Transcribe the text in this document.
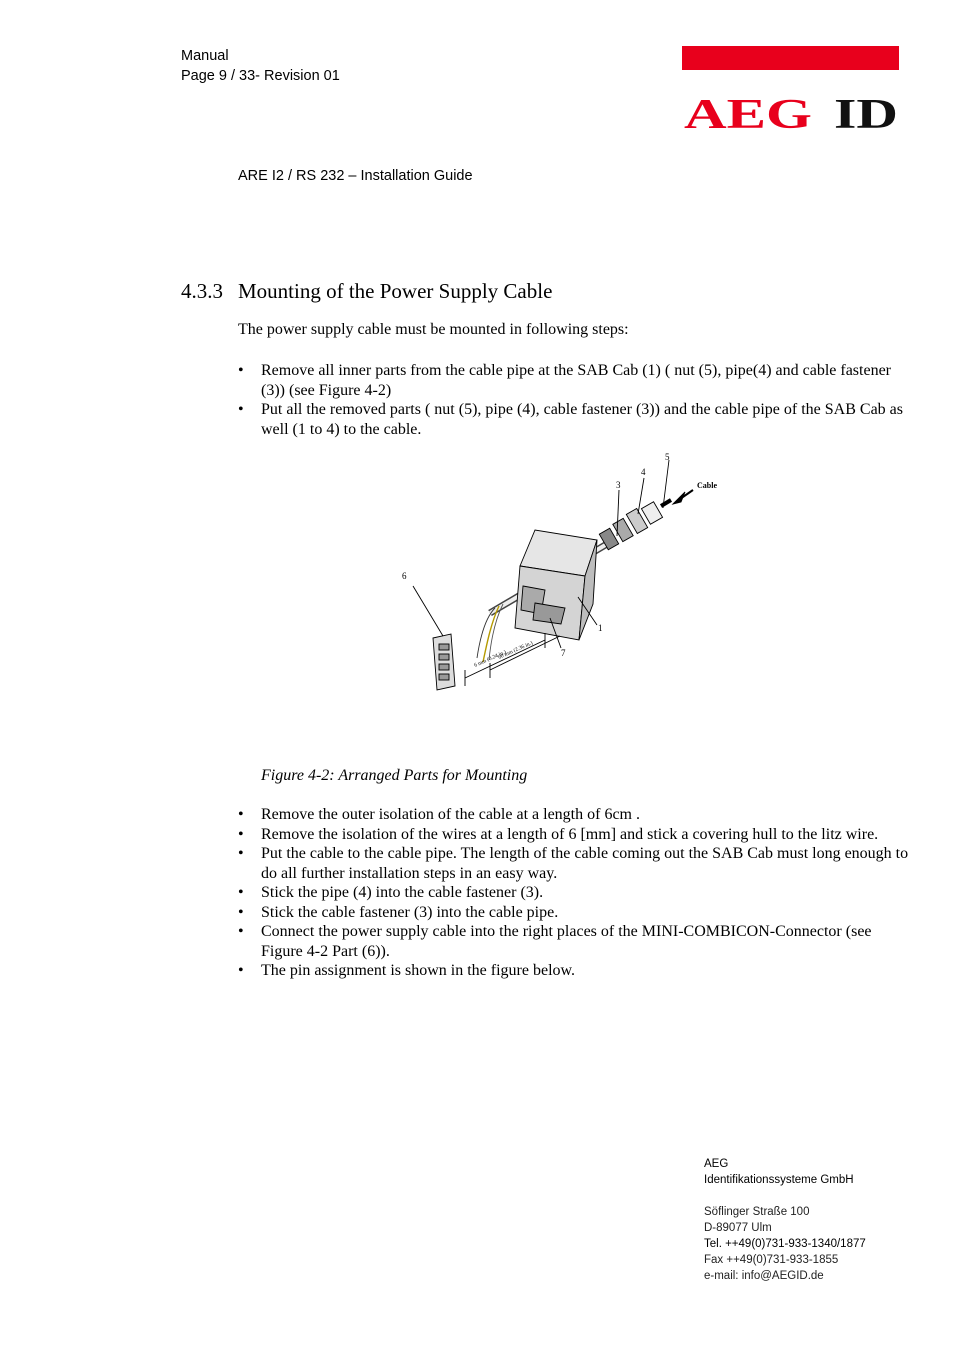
Manual
Page 9 / 33- Revision 01
AEG ID
ARE I2 / RS 232 – Installation Guide
4.3.3 Mounting of the Power Supply Cable
The power supply cable must be mounted in following steps:
• Remove all inner parts from the cable pipe at the SAB Cab (1) ( nut (5), pipe(4) and cable fastener (3)) (see Figure 4-2)
• Put all the removed parts ( nut (5), pipe (4), cable fastener (3)) and the cable pipe of the SAB Cab as well (1 to 4) to the cable.
1
3
4
5
6
7
Cable
6 mm (0.24 in.)
60 mm (2.36 in.)
Figure 4-2: Arranged Parts for Mounting
• Remove the outer isolation of the cable at a length of 6cm .
• Remove the isolation of the wires at a length of 6 [mm] and stick a covering hull to the litz wire.
• Put the cable to the cable pipe. The length of the cable coming out the SAB Cab must long enough to do all further installation steps in an easy way.
• Stick the pipe (4) into the cable fastener (3).
• Stick the cable fastener (3) into the cable pipe.
• Connect the power supply cable into the right places of the MINI-COMBICON-Connector (see Figure 4-2 Part (6)).
• The pin assignment is shown in the figure below.
AEG
Identifikationssysteme GmbH
Söflinger Straße 100
D-89077 Ulm
Tel. ++49(0)731-933-1340/1877
Fax ++49(0)731-933-1855
e-mail: info@AEGID.de
